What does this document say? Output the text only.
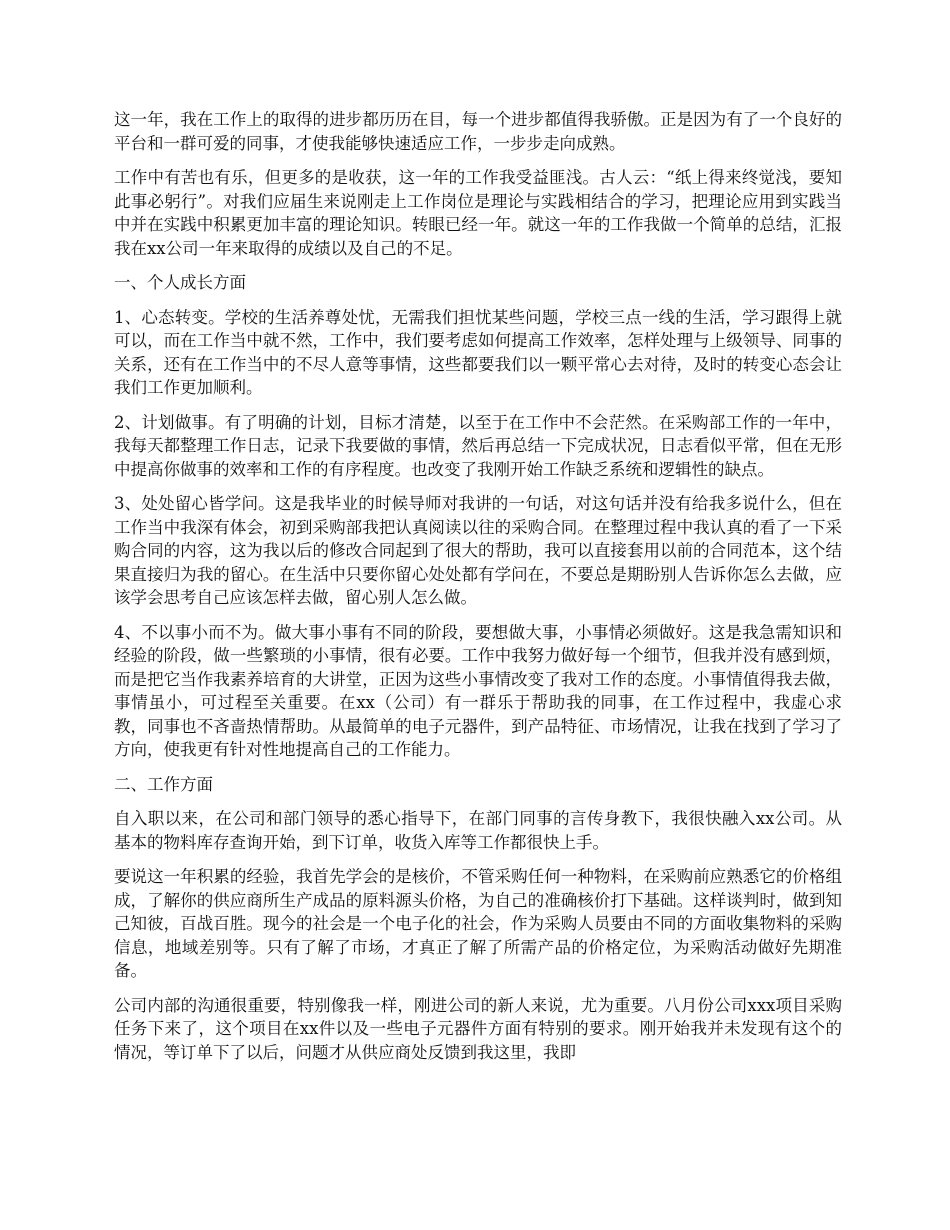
这一年，我在工作上的取得的进步都历历在目，每一个进步都值得我骄傲。正是因为有了一个良好的平台和一群可爱的同事，才使我能够快速适应工作，一步步走向成熟。

工作中有苦也有乐，但更多的是收获，这一年的工作我受益匪浅。古人云：“纸上得来终觉浅，要知此事必躬行”。对我们应届生来说刚走上工作岗位是理论与实践相结合的学习，把理论应用到实践当中并在实践中积累更加丰富的理论知识。转眼已经一年。就这一年的工作我做一个简单的总结，汇报我在xx公司一年来取得的成绩以及自己的不足。

一、个人成长方面

1、心态转变。学校的生活养尊处忧，无需我们担忧某些问题，学校三点一线的生活，学习跟得上就可以，而在工作当中就不然，工作中，我们要考虑如何提高工作效率，怎样处理与上级领导、同事的关系，还有在工作当中的不尽人意等事情，这些都要我们以一颗平常心去对待，及时的转变心态会让我们工作更加顺利。

2、计划做事。有了明确的计划，目标才清楚，以至于在工作中不会茫然。在采购部工作的一年中，我每天都整理工作日志，记录下我要做的事情，然后再总结一下完成状况，日志看似平常，但在无形中提高你做事的效率和工作的有序程度。也改变了我刚开始工作缺乏系统和逻辑性的缺点。

3、处处留心皆学问。这是我毕业的时候导师对我讲的一句话，对这句话并没有给我多说什么，但在工作当中我深有体会，初到采购部我把认真阅读以往的采购合同。在整理过程中我认真的看了一下采购合同的内容，这为我以后的修改合同起到了很大的帮助，我可以直接套用以前的合同范本，这个结果直接归为我的留心。在生活中只要你留心处处都有学问在，不要总是期盼别人告诉你怎么去做，应该学会思考自己应该怎样去做，留心别人怎么做。

4、不以事小而不为。做大事小事有不同的阶段，要想做大事，小事情必须做好。这是我急需知识和经验的阶段，做一些繁琐的小事情，很有必要。工作中我努力做好每一个细节，但我并没有感到烦，而是把它当作我素养培育的大讲堂，正因为这些小事情改变了我对工作的态度。小事情值得我去做，事情虽小，可过程至关重要。在xx（公司）有一群乐于帮助我的同事，在工作过程中，我虚心求教，同事也不吝啬热情帮助。从最简单的电子元器件，到产品特征、市场情况，让我在找到了学习了方向，使我更有针对性地提高自己的工作能力。

二、工作方面

自入职以来，在公司和部门领导的悉心指导下，在部门同事的言传身教下，我很快融入xx公司。从基本的物料库存查询开始，到下订单，收货入库等工作都很快上手。

要说这一年积累的经验，我首先学会的是核价，不管采购任何一种物料，在采购前应熟悉它的价格组成，了解你的供应商所生产成品的原料源头价格，为自己的准确核价打下基础。这样谈判时，做到知己知彼，百战百胜。现今的社会是一个电子化的社会，作为采购人员要由不同的方面收集物料的采购信息，地域差别等。只有了解了市场，才真正了解了所需产品的价格定位，为采购活动做好先期准备。

公司内部的沟通很重要，特别像我一样，刚进公司的新人来说，尤为重要。八月份公司xxx项目采购任务下来了，这个项目在xx件以及一些电子元器件方面有特别的要求。刚开始我并未发现有这个的情况，等订单下了以后，问题才从供应商处反馈到我这里，我即
